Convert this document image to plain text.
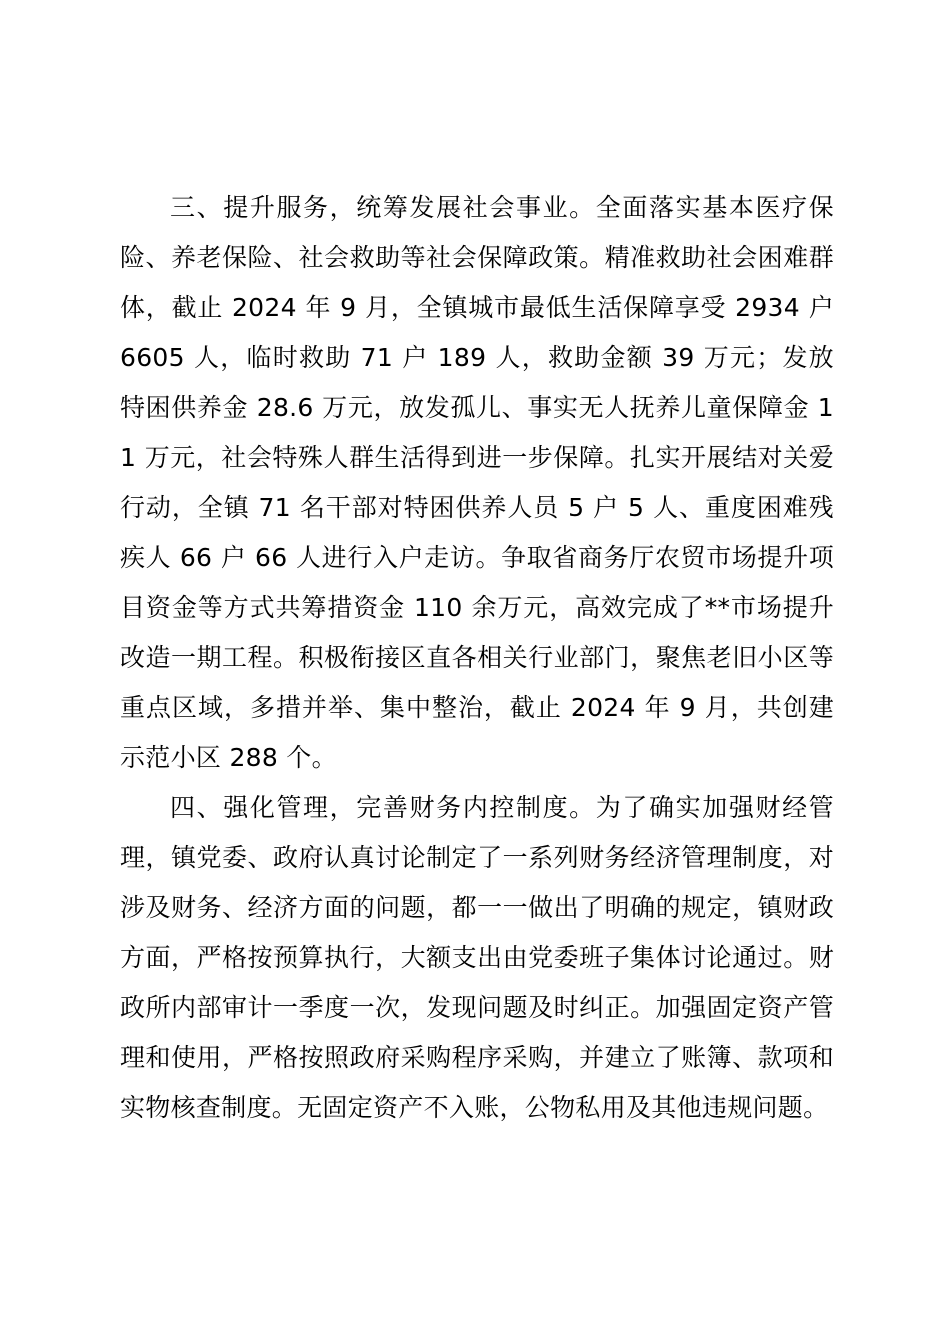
三、提升服务，统筹发展社会事业。全面落实基本医疗保险、养老保险、社会救助等社会保障政策。精准救助社会困难群体，截止 2024 年 9 月，全镇城市最低生活保障享受 2934 户 6605 人，临时救助 71 户 189 人，救助金额 39 万元；发放特困供养金 28.6 万元，放发孤儿、事实无人抚养儿童保障金 11 万元，社会特殊人群生活得到进一步保障。扎实开展结对关爱行动，全镇 71 名干部对特困供养人员 5 户 5 人、重度困难残疾人 66 户 66 人进行入户走访。争取省商务厅农贸市场提升项目资金等方式共筹措资金 110 余万元，高效完成了**市场提升改造一期工程。积极衔接区直各相关行业部门，聚焦老旧小区等重点区域，多措并举、集中整治，截止 2024 年 9 月，共创建示范小区 288 个。

四、强化管理，完善财务内控制度。为了确实加强财经管理，镇党委、政府认真讨论制定了一系列财务经济管理制度，对涉及财务、经济方面的问题，都一一做出了明确的规定，镇财政方面，严格按预算执行，大额支出由党委班子集体讨论通过。财政所内部审计一季度一次，发现问题及时纠正。加强固定资产管理和使用，严格按照政府采购程序采购，并建立了账簿、款项和实物核查制度。无固定资产不入账，公物私用及其他违规问题。
